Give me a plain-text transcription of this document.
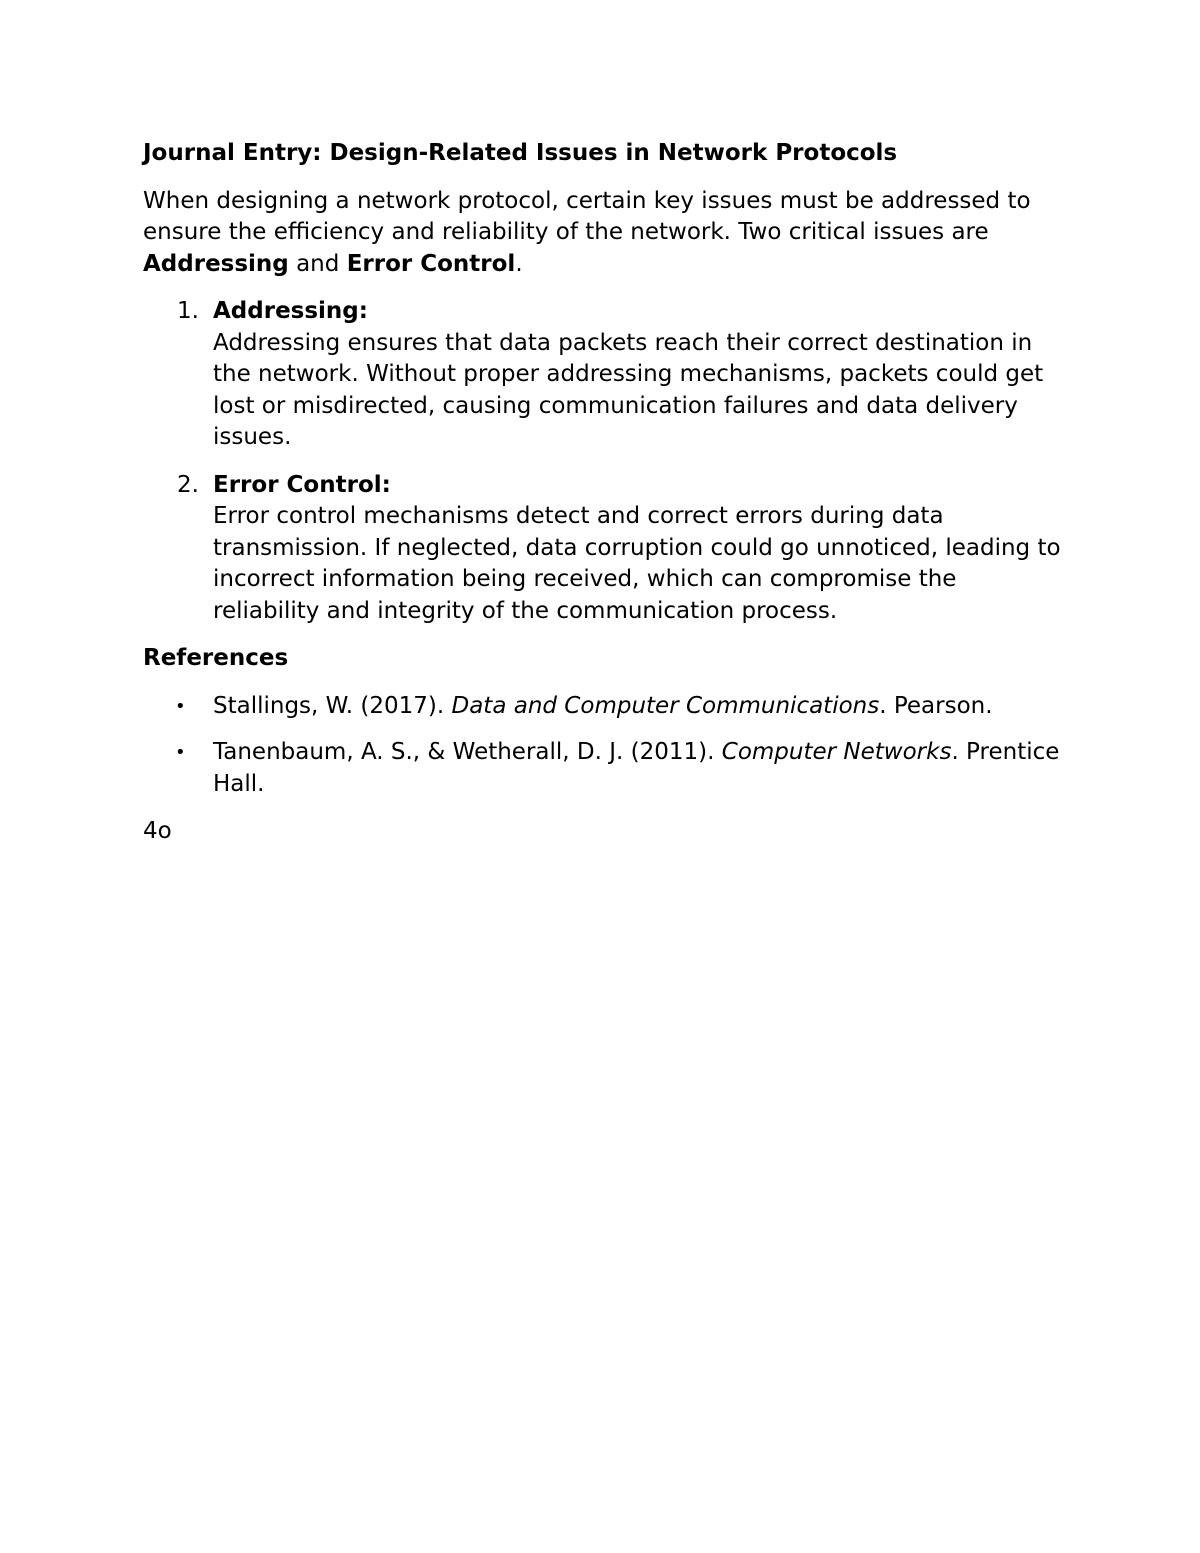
Journal Entry: Design-Related Issues in Network Protocols
When designing a network protocol, certain key issues must be addressed to ensure the efficiency and reliability of the network. Two critical issues are Addressing and Error Control.
1. Addressing:
Addressing ensures that data packets reach their correct destination in the network. Without proper addressing mechanisms, packets could get lost or misdirected, causing communication failures and data delivery issues.
2. Error Control:
Error control mechanisms detect and correct errors during data transmission. If neglected, data corruption could go unnoticed, leading to incorrect information being received, which can compromise the reliability and integrity of the communication process.
References
• Stallings, W. (2017). Data and Computer Communications. Pearson.
• Tanenbaum, A. S., & Wetherall, D. J. (2011). Computer Networks. Prentice Hall.
4o
